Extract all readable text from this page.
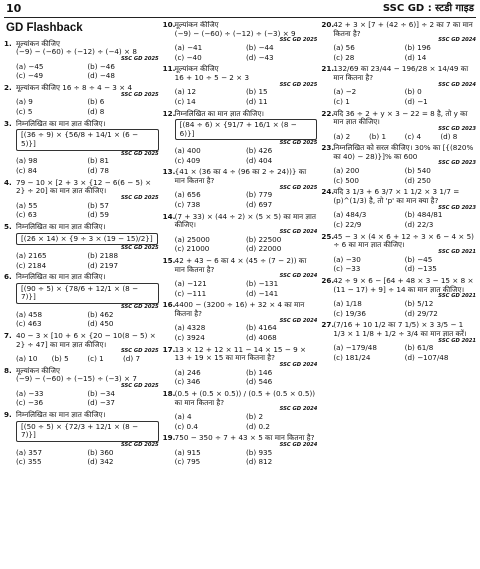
10	SSC GD : स्टडी गाइड
GD Flashback
1. मूल्यांकन कीजिए
(−9) − (−60) ÷ (−12) ÷ (−4) × 8
SSC GD 2025
(a) −45	(b) −46
(c) −49	(d) −48
2. मूल्यांकन कीजिए 16 ÷ 8 ÷ 4 − 3 × 4
SSC GD 2025
(a) 9	(b) 6
(c) 5	(d) 8
3. निम्नलिखित का मान ज्ञात कीजिए।
[(36 ÷ 9) × {56/8 + 14/1 × (6 − 5)}]
SSC GD 2025
(a) 98	(b) 81
(c) 84	(d) 78
4. 79 − 10 × [2 + 3 × {12 − 6(6 − 5) × 2} ÷ 20] का मान ज्ञात कीजिए।
SSC GD 2025
(a) 55	(b) 57
(c) 63	(d) 59
5. निम्नलिखित का मान ज्ञात कीजिए।
[(26 × 14) × {9 ÷ 3 × (19 − 15)/2}]
SSC GD 2025
(a) 2165	(b) 2188
(c) 2184	(d) 2197
6. निम्नलिखित का मान ज्ञात कीजिए।
[(90 ÷ 5) × {78/6 + 12/1 × (8 − 7)}]
SSC GD 2025
(a) 458	(b) 462
(c) 463	(d) 450
7. 40 − 3 × [10 + 6 × {20 − 10(8 − 5) × 2} ÷ 47] का मान ज्ञात कीजिए।
SSC GD 2025
(a) 10	(b) 5	(c) 1	(d) 7
8. मूल्यांकन कीजिए
(−9) − (−60) ÷ (−15) ÷ (−3) × 7
SSC GD 2025
(a) −33	(b) −34
(c) −36	(d) −37
9. निम्नलिखित का मान ज्ञात कीजिए।
[(50 ÷ 5) × {72/3 + 12/1 × (8 − 7)}]
SSC GD 2025
(a) 357	(b) 360
(c) 355	(d) 342
10. मूल्यांकन कीजिए
(−9) − (−60) ÷ (−12) ÷ (−3) × 9
SSC GD 2025
(a) −41	(b) −44
(c) −40	(d) −43
11. मूल्यांकन कीजिए
16 + 10 ÷ 5 − 2 × 3
SSC GD 2025
(a) 12	(b) 15
(c) 14	(d) 11
12. निम्नलिखित का मान ज्ञात कीजिए।
[(84 ÷ 6) × {91/7 + 16/1 × (8 − 6)}]
SSC GD 2025
(a) 400	(b) 426
(c) 409	(d) 404
13. {41 × (36 का 4 ÷ (96 का 2 ÷ 24))} का मान कितना है?
SSC GD 2025
(a) 656	(b) 779
(c) 738	(d) 697
14. (7 + 33) × (44 ÷ 2) × (5 × 5) का मान ज्ञात कीजिए।
SSC GD 2024
(a) 25000	(b) 22500
(c) 21000	(d) 22000
15. 42 + 43 − 6 का 4 × (45 ÷ (7 − 2)) का मान कितना है?
SSC GD 2024
(a) −121	(b) −131
(c) −111	(d) −141
16. 4400 − (3200 ÷ 16) + 32 × 4 का मान कितना है?
SSC GD 2024
(a) 4328	(b) 4164
(c) 3924	(d) 4068
17. 13 × 12 + 12 × 11 − 14 × 15 − 9 × 13 + 19 × 15 का मान कितना है?
SSC GD 2024
(a) 246	(b) 146
(c) 346	(d) 546
18. (0.5 + (0.5 × 0.5)) / (0.5 + (0.5 × 0.5)) का मान कितना है?
SSC GD 2024
(a) 4	(b) 2
(c) 0.4	(d) 0.2
19. 750 − 350 ÷ 7 + 43 × 5 का मान कितना है?
SSC GD 2024
(a) 915	(b) 935
(c) 795	(d) 812
20. 42 + 3 × [7 + (42 ÷ 6)] ÷ 2 का 7 का मान कितना है?
SSC GD 2024
(a) 56	(b) 196
(c) 28	(d) 14
21. 132/69 का 23/44 − 196/28 × 14/49 का मान कितना है?
SSC GD 2024
(a) −2	(b) 0
(c) 1	(d) −1
22. यदि 36 ÷ 2 + y × 3 − 22 = 8 है, तो y का मान ज्ञात कीजिए।
SSC GD 2023
(a) 2	(b) 1	(c) 4	(d) 8
23. निम्नलिखित को सरल कीजिए। 30% का [{(820% का 40) − 28)}]% का 600
SSC GD 2023
(a) 200	(b) 540
(c) 500	(d) 250
24. यदि 3 1/3 + 6 3/7 × 1 1/2 × 3 1/7 = (p)^(1/3) है, तो 'p' का मान क्या है?
SSC GD 2023
(a) 484/3	(b) 484/81
(c) 22/9	(d) 22/3
25. 45 − 3 × (4 × 6 + 12 ÷ 3 × 6 − 4 × 5) ÷ 6 का मान ज्ञात कीजिए।
SSC GD 2021
(a) −30	(b) −45
(c) −33	(d) −135
26. 42 ÷ 9 × 6 − [64 + 48 × 3 − 15 × 8 × (11 − 17) + 9] ÷ 14 का मान ज्ञात कीजिए।
SSC GD 2021
(a) 1/18	(b) 5/12
(c) 19/36	(d) 29/72
27. (7/16 + 10 1/2 का 7 1/5) × 3 3/5 − 1 1/3 × 1 1/8 + 1/2 ÷ 3/4 का मान ज्ञात करें।
SSC GD 2021
(a) −179/48	(b) 61/8
(c) 181/24	(d) −107/48
